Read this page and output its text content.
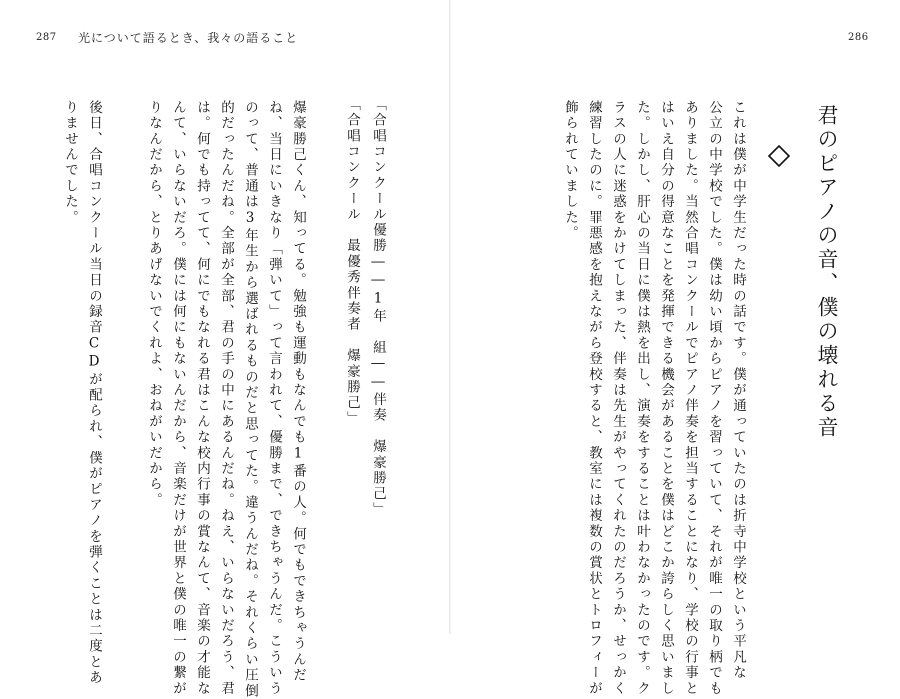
287 光について語るとき、我々の語ること
「合唱コンクール優勝――1年　組――伴奏　爆豪勝己」
「合唱コンクール　最優秀伴奏者　爆豪勝己」
爆豪勝己くん、知ってる。勉強も運動もなんでも1番の人。何でもできちゃうんだ
ね、当日にいきなり「弾いて」って言われて、優勝まで、できちゃうんだ。こういう
のって、普通は3年生から選ばれるものだと思ってた。違うんだね。それくらい圧倒
的だったんだね。全部が全部、君の手の中にあるんだね。ねえ、いらないだろう、君
は。何でも持ってて、何にでもなれる君はこんな校内行事の賞なんて、音楽の才能な
んて、いらないだろ。僕には何にもないんだから、音楽だけが世界と僕の唯一の繋が
りなんだから、とりあげないでくれよ、おねがいだから。
後日、合唱コンクール当日の録音CDが配られ、僕がピアノを弾くことは二度とあ
りませんでした。
286
君のピアノの音、僕の壊れる音
これは僕が中学生だった時の話です。僕が通っていたのは折寺中学校という平凡な
公立の中学校でした。僕は幼い頃からピアノを習っていて、それが唯一の取り柄でも
ありました。当然合唱コンクールでピアノ伴奏を担当することになり、学校の行事と
はいえ自分の得意なことを発揮できる機会があることを僕はどこか誇らしく思いまし
た。しかし、肝心の当日に僕は熱を出し、演奏をすることは叶わなかったのです。ク
ラスの人に迷惑をかけてしまった、伴奏は先生がやってくれたのだろうか、せっかく
練習したのに。罪悪感を抱えながら登校すると、教室には複数の賞状とトロフィーが
飾られていました。
